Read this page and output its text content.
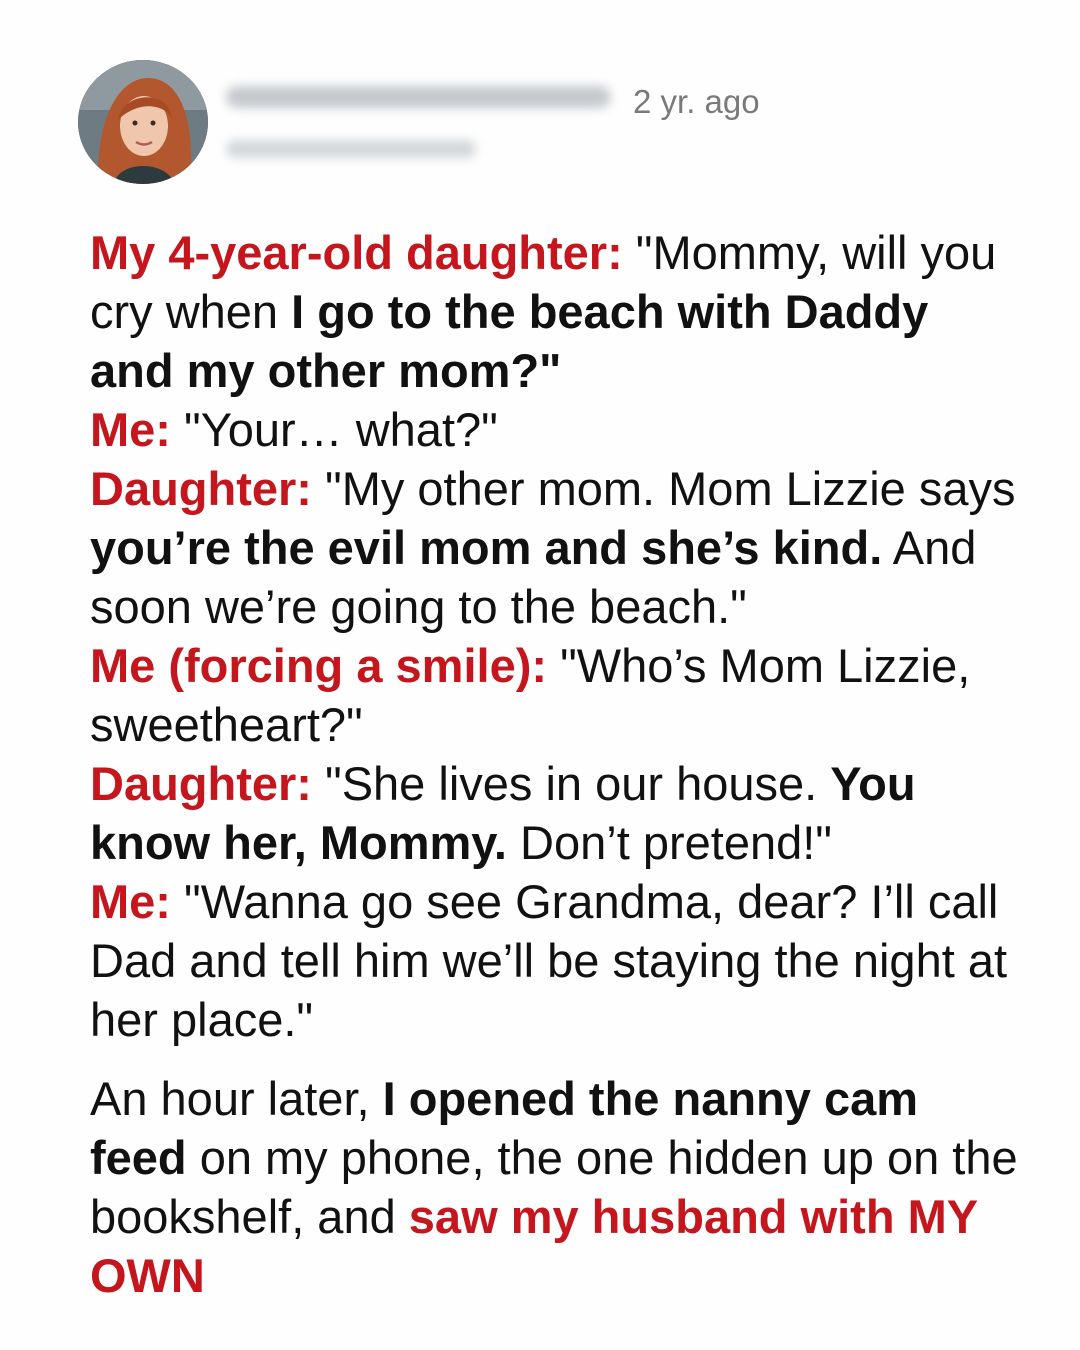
2 yr. ago

My 4-year-old daughter: "Mommy, will you cry when I go to the beach with Daddy and my other mom?"

Me: "Your… what?"

Daughter: "My other mom. Mom Lizzie says you’re the evil mom and she’s kind. And soon we’re going to the beach."

Me (forcing a smile): "Who’s Mom Lizzie, sweetheart?"

Daughter: "She lives in our house. You know her, Mommy. Don’t pretend!"

Me: "Wanna go see Grandma, dear? I’ll call Dad and tell him we’ll be staying the night at her place."

An hour later, I opened the nanny cam feed on my phone, the one hidden up on the bookshelf, and saw my husband with MY OWN
